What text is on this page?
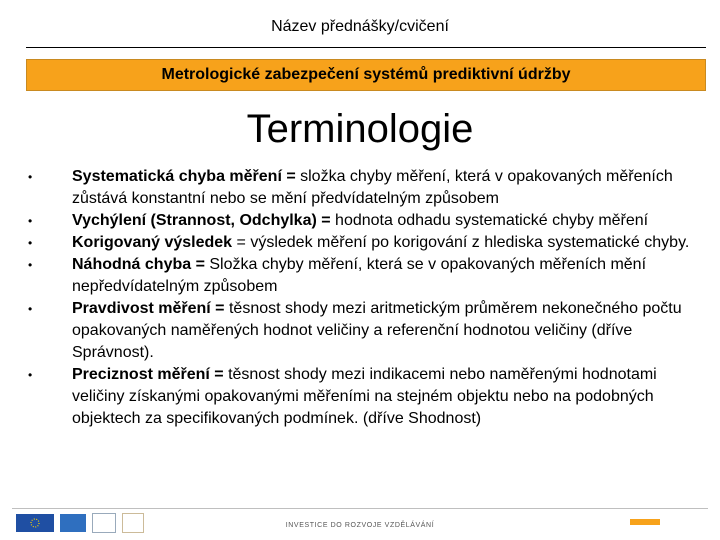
Název přednášky/cvičení
Metrologické zabezpečení systémů prediktivní údržby
Terminologie
• Systematická chyba měření = složka chyby měření, která v opakovaných měřeních zůstává konstantní nebo se mění předvídatelným způsobem
• Vychýlení (Strannost, Odchylka) = hodnota odhadu systematické chyby měření
• Korigovaný výsledek = výsledek měření po korigování z hlediska systematické chyby.
• Náhodná chyba = Složka chyby měření, která se v opakovaných měřeních mění nepředvídatelným způsobem
• Pravdivost měření = těsnost shody mezi aritmetickým průměrem nekonečného počtu opakovaných naměřených hodnot veličiny a referenční hodnotou veličiny (dříve Správnost).
• Preciznost měření = těsnost shody mezi indikacemi nebo naměřenými hodnotami veličiny získanými opakovanými měřeními na stejném objektu nebo na podobných objektech za specifikovaných podmínek. (dříve Shodnost)
INVESTICE DO ROZVOJE VZDĚLÁVÁNÍ
